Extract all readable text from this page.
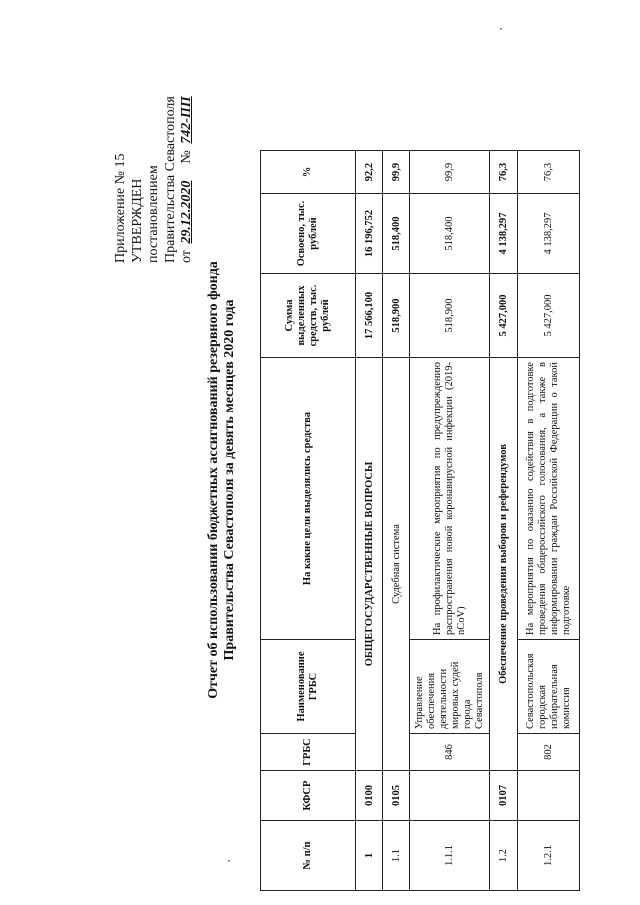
Приложение № 15 УТВЕРЖДЕН постановлением Правительства Севастополя от 29.12.2020    № 742-ПП
Отчет об использовании бюджетных ассигнований резервного фонда Правительства Севастополя за девять месяцев 2020 года
№ п/п	КФСР	ГРБС	Наименование ГРБС	На какие цели выделялись средства	Сумма выделенных средств, тыс. рублей	Освоено, тыс. рублей	%
1	0100	ОБЩЕГОСУДАРСТВЕННЫЕ ВОПРОСЫ			17 566,100	16 196,752	92,2
1.1	0105	Судебная система			518,900	518,400	99,9
1.1.1		846	Управление обеспечения деятельности мировых судей города Севастополя	На профилактические мероприятия по предупреждению распространения новой коронавирусной инфекции (2019-nCoV)	518,900	518,400	99,9
1.2	0107	Обеспечение проведения выборов и референдумов			5 427,000	4 138,297	76,3
1.2.1		802	Севастопольская городская избирательная комиссия	На мероприятия по оказанию содействия в подготовке проведения общероссийского голосования, а также в информировании граждан Российской Федерации о такой подготовке	5 427,000	4 138,297	76,3
